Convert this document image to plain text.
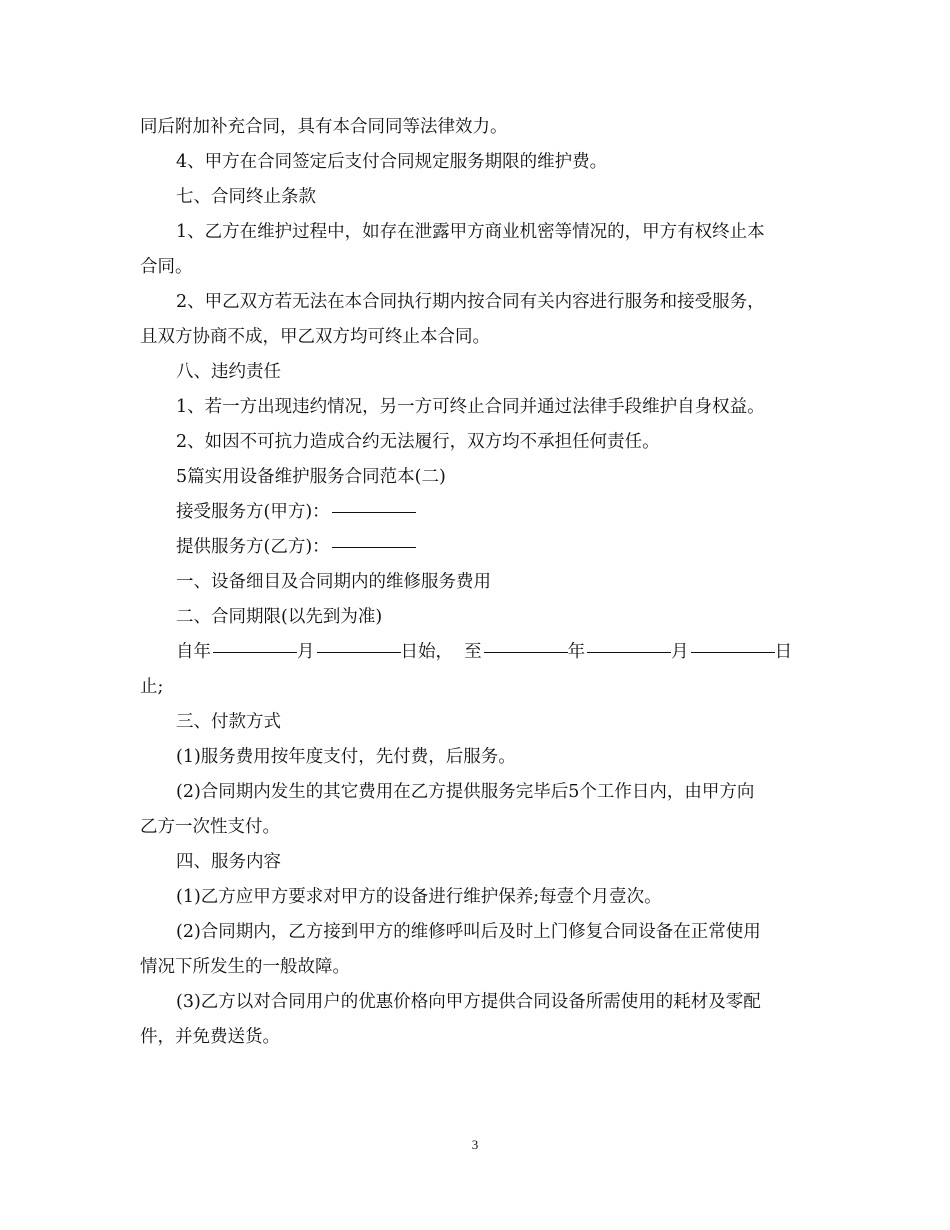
同后附加补充合同，具有本合同同等法律效力。
4、甲方在合同签定后支付合同规定服务期限的维护费。
七、合同终止条款
1、乙方在维护过程中，如存在泄露甲方商业机密等情况的，甲方有权终止本
合同。
2、甲乙双方若无法在本合同执行期内按合同有关内容进行服务和接受服务，
且双方协商不成，甲乙双方均可终止本合同。
八、违约责任
1、若一方出现违约情况，另一方可终止合同并通过法律手段维护自身权益。
2、如因不可抗力造成合约无法履行，双方均不承担任何责任。
5篇实用设备维护服务合同范本(二)
接受服务方(甲方)：
提供服务方(乙方)：
一、设备细目及合同期内的维修服务费用
二、合同期限(以先到为准)
自年	月	日始， 至	年	月	日
止;
三、付款方式
(1)服务费用按年度支付，先付费，后服务。
(2)合同期内发生的其它费用在乙方提供服务完毕后5个工作日内，由甲方向
乙方一次性支付。
四、服务内容
(1)乙方应甲方要求对甲方的设备进行维护保养;每壹个月壹次。
(2)合同期内，乙方接到甲方的维修呼叫后及时上门修复合同设备在正常使用
情况下所发生的一般故障。
(3)乙方以对合同用户的优惠价格向甲方提供合同设备所需使用的耗材及零配
件，并免费送货。
3
